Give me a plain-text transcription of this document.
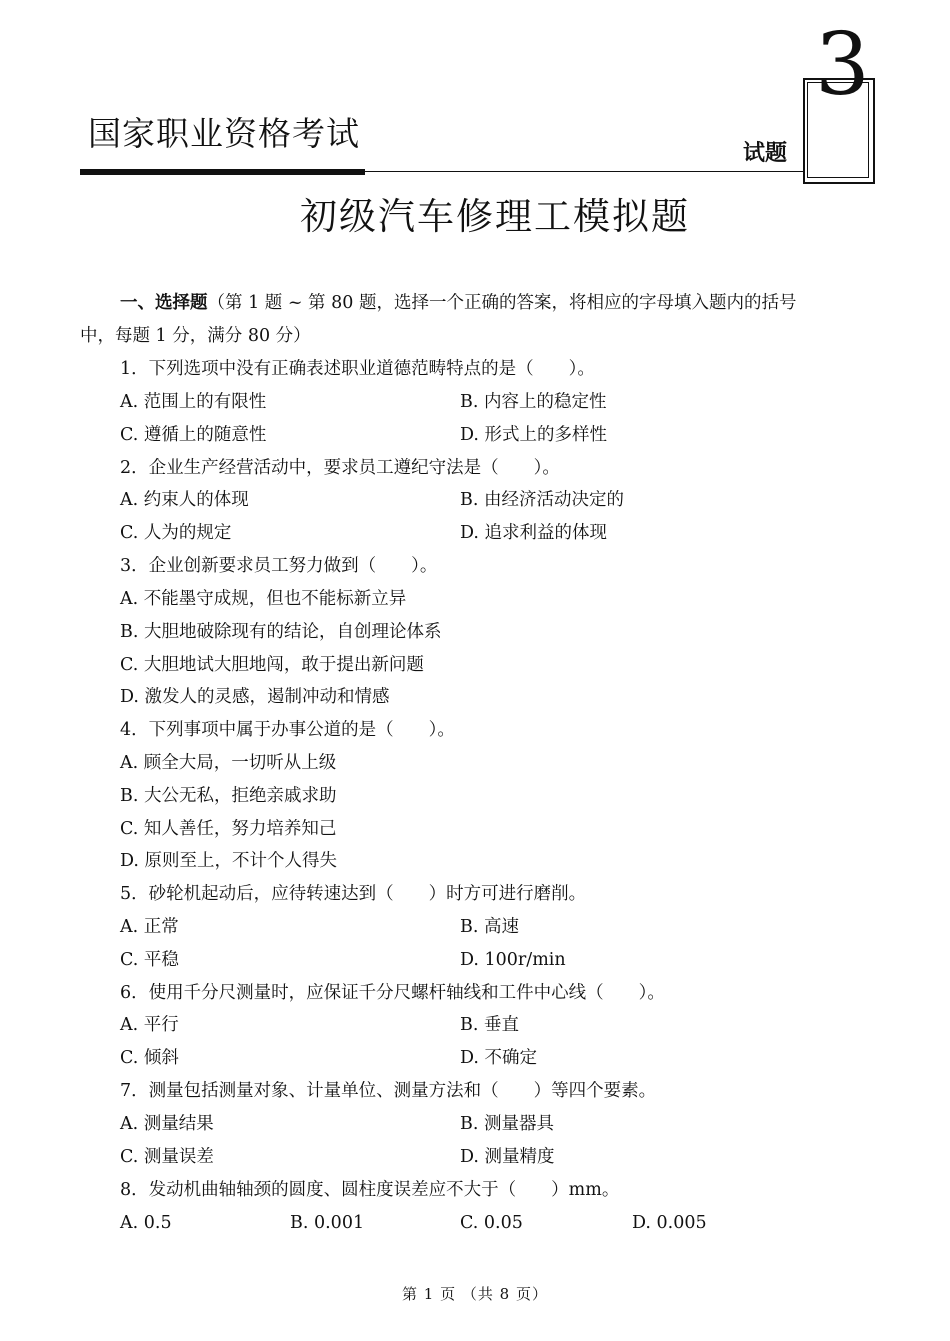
国家职业资格考试
试题
3
初级汽车修理工模拟题
一、选择题（第 1 题 ~ 第 80 题，选择一个正确的答案，将相应的字母填入题内的括号
中，每题 1 分，满分 80 分）
1．下列选项中没有正确表述职业道德范畴特点的是（　　）。
A. 范围上的有限性	B. 内容上的稳定性
C. 遵循上的随意性	D. 形式上的多样性
2．企业生产经营活动中，要求员工遵纪守法是（　　）。
A. 约束人的体现	B. 由经济活动决定的
C. 人为的规定	D. 追求利益的体现
3．企业创新要求员工努力做到（　　）。
A. 不能墨守成规，但也不能标新立异
B. 大胆地破除现有的结论，自创理论体系
C. 大胆地试大胆地闯，敢于提出新问题
D. 激发人的灵感，遏制冲动和情感
4．下列事项中属于办事公道的是（　　）。
A. 顾全大局，一切听从上级
B. 大公无私，拒绝亲戚求助
C. 知人善任，努力培养知己
D. 原则至上，不计个人得失
5．砂轮机起动后，应待转速达到（　　）时方可进行磨削。
A. 正常	B. 高速
C. 平稳	D. 100r/min
6．使用千分尺测量时，应保证千分尺螺杆轴线和工件中心线（　　）。
A. 平行	B. 垂直
C. 倾斜	D. 不确定
7．测量包括测量对象、计量单位、测量方法和（　　）等四个要素。
A. 测量结果	B. 测量器具
C. 测量误差	D. 测量精度
8．发动机曲轴轴颈的圆度、圆柱度误差应不大于（　　）mm。
A. 0.5	B. 0.001	C. 0.05	D. 0.005
第 1 页 （共 8 页）
